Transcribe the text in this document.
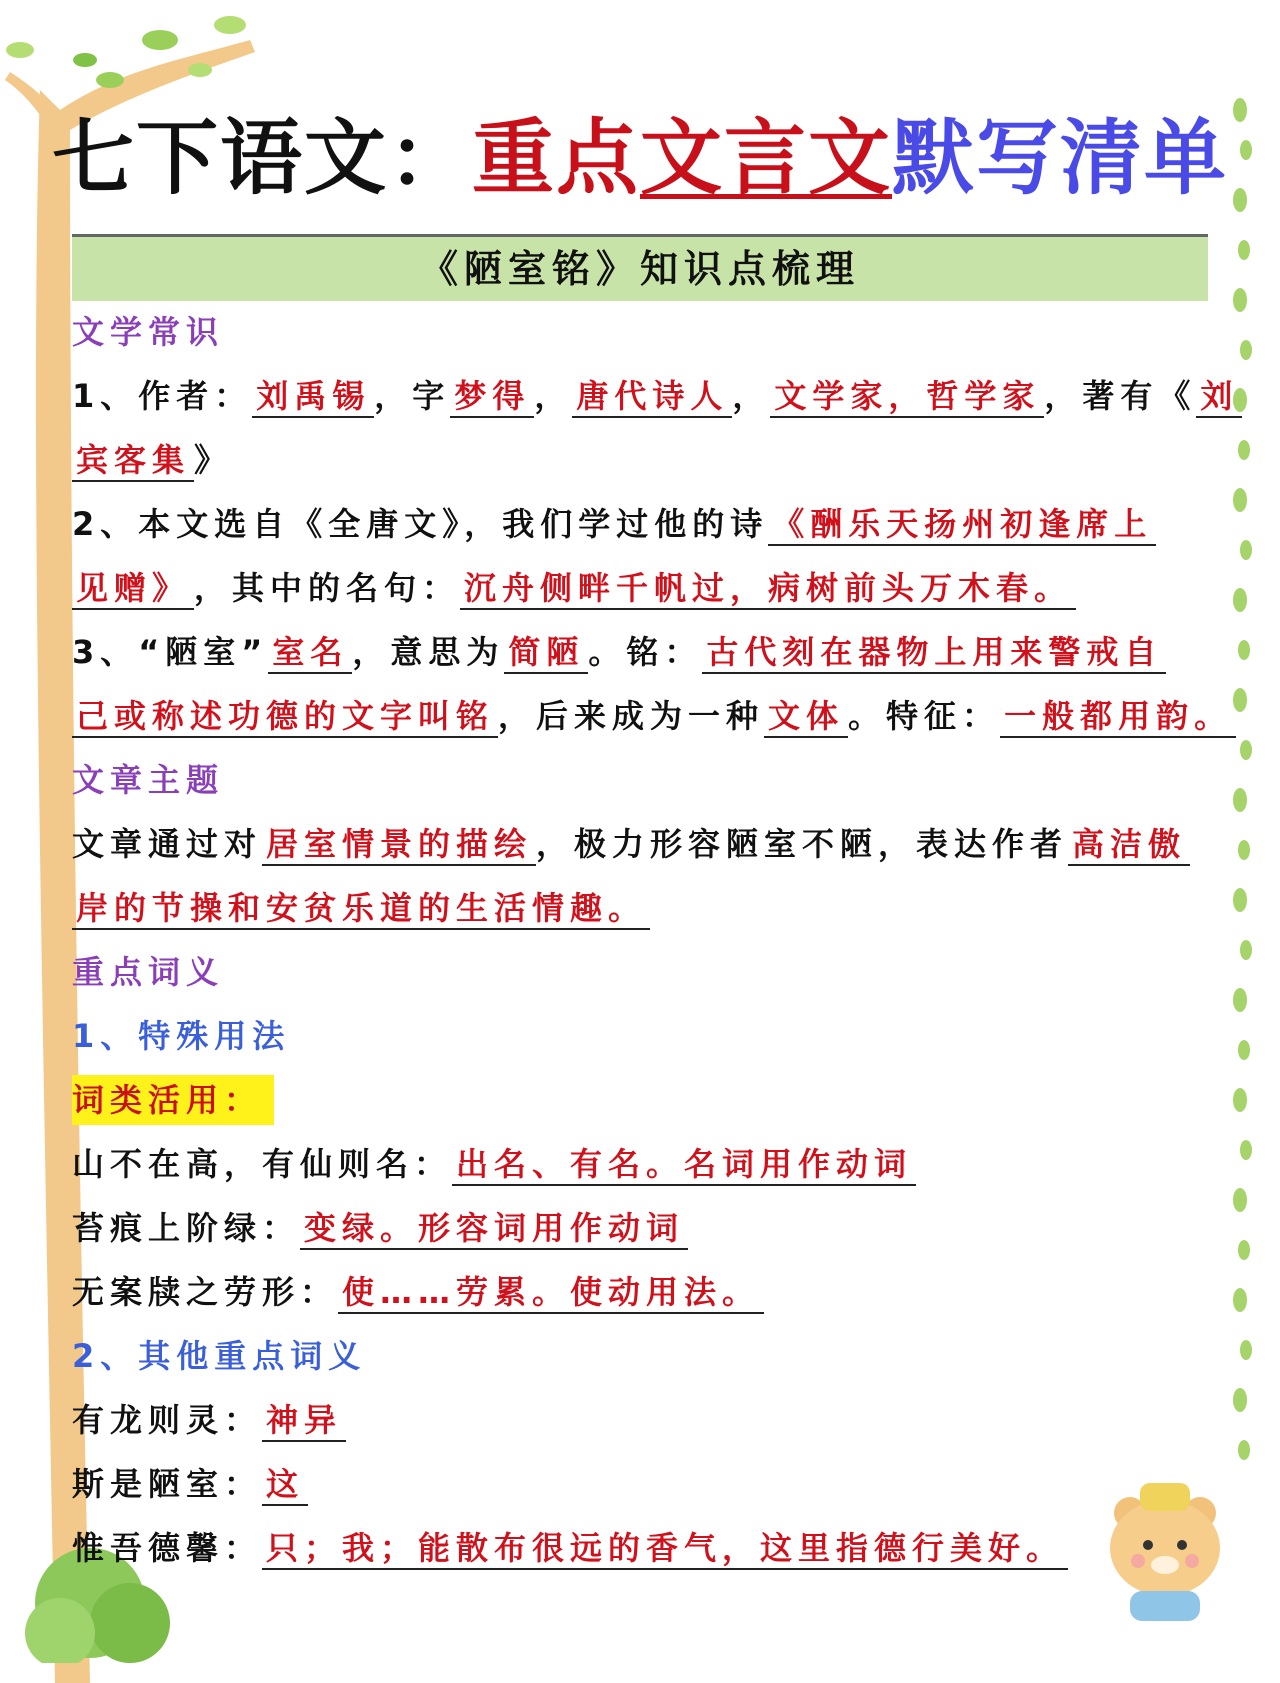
七下语文：重点文言文默写清单
《陋室铭》知识点梳理
文学常识
1、作者： 刘禹锡 ，字 梦得 ， 唐代诗人 ， 文学家，哲学家 ，著有《 刘
宾客集 》
2、本文选自《全唐文》，我们学过他的诗 《酬乐天扬州初逢席上
见赠》 ，其中的名句： 沉舟侧畔千帆过，病树前头万木春。
3、“陋室” 室名 ，意思为 简陋 。铭： 古代刻在器物上用来警戒自
己或称述功德的文字叫铭 ，后来成为一种 文体 。特征： 一般都用韵。
文章主题
文章通过对 居室情景的描绘 ，极力形容陋室不陋，表达作者 高洁傲
岸的节操和安贫乐道的生活情趣。
重点词义
1、特殊用法
词类活用：
山不在高，有仙则名： 出名、有名。名词用作动词
苔痕上阶绿： 变绿。形容词用作动词
无案牍之劳形： 使……劳累。使动用法。
2、其他重点词义
有龙则灵： 神异
斯是陋室： 这
惟吾德馨： 只；我；能散布很远的香气，这里指德行美好。
